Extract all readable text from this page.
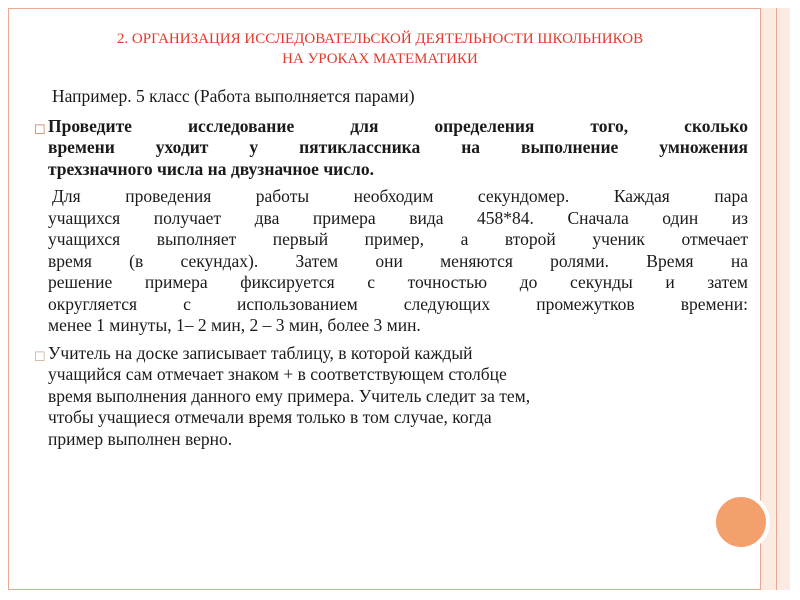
2. ОРГАНИЗАЦИЯ ИССЛЕДОВАТЕЛЬСКОЙ ДЕЯТЕЛЬНОСТИ ШКОЛЬНИКОВ
НА УРОКАХ МАТЕМАТИКИ
Например. 5 класс (Работа выполняется парами)
☐ Проведите исследование для определения того, сколько
времени уходит у пятиклассника на выполнение умножения
трехзначного числа на двузначное число.
Для проведения работы необходим секундомер. Каждая пара
учащихся получает два примера вида 458*84. Сначала один из
учащихся выполняет первый пример, а второй ученик отмечает
время (в секундах). Затем они меняются ролями. Время на
решение примера фиксируется с точностью до секунды и затем
округляется с использованием следующих промежутков времени:
менее 1 минуты, 1– 2 мин, 2 – 3 мин, более 3 мин.
☐ Учитель на доске записывает таблицу, в которой каждый
учащийся сам отмечает знаком + в соответствующем столбце
время выполнения данного ему примера. Учитель следит за тем,
чтобы учащиеся отмечали время только в том случае, когда
пример выполнен верно.
